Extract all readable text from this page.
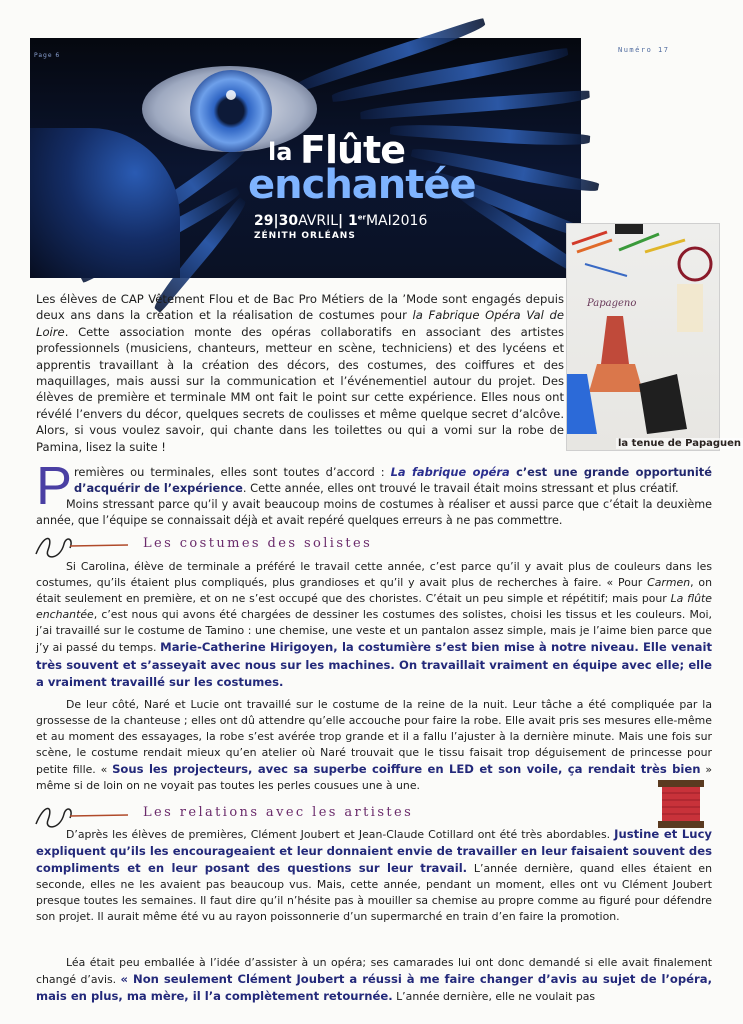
la Flûte
enchantée
29|30AVRIL| 1erMAI2016
ZÉNITH ORLÉANS
Page 6
Numéro 17
Papageno
la tenue de Papaguen
Les élèves de CAP Vêtement Flou et de Bac Pro Métiers de la ’Mode sont engagés depuis deux ans dans la création et la réalisation de costumes pour la Fabrique Opéra Val de Loire. Cette association monte des opéras collaboratifs en associant des artistes professionnels (musiciens, chanteurs, metteur en scène, techniciens) et des lycéens et apprentis travaillant à la création des décors, des costumes, des coiffures et des maquillages, mais aussi sur la communication et l’événementiel autour du projet. Des élèves de première et terminale MM ont fait le point sur cette expérience. Elles nous ont révélé l’envers du décor, quelques secrets de coulisses et même quelque secret d’alcôve. Alors, si vous voulez savoir, qui chante dans les toilettes ou qui a vomi sur la robe de Pamina, lisez la suite !
P remières ou terminales, elles sont toutes d’accord : La fabrique opéra c’est une grande opportunité d’acquérir de l’expérience. Cette année, elles ont trouvé le travail était moins stressant et plus créatif.
Moins stressant parce qu’il y avait beaucoup moins de costumes à réaliser et aussi parce que c’était la deuxième année, que l’équipe se connaissait déjà et avait repéré quelques erreurs à ne pas commettre.
Les costumes des solistes
Si Carolina, élève de terminale a préféré le travail cette année, c’est parce qu’il y avait plus de couleurs dans les costumes, qu’ils étaient plus compliqués, plus grandioses et qu’il y avait plus de recherches à faire. « Pour Carmen, on était seulement en première, et on ne s’est occupé que des choristes. C’était un peu simple et répétitif; mais pour La flûte enchantée, c’est nous qui avons été chargées de dessiner les costumes des solistes, choisi les tissus et les couleurs. Moi, j’ai travaillé sur le costume de Tamino : une chemise, une veste et un pantalon assez simple, mais je l’aime bien parce que j’y ai passé du temps. Marie-Catherine Hirigoyen, la costumière s’est bien mise à notre niveau. Elle venait très souvent et s’asseyait avec nous sur les machines. On travaillait vraiment en équipe avec elle; elle a vraiment travaillé sur les costumes.
De leur côté, Naré et Lucie ont travaillé sur le costume de la reine de la nuit. Leur tâche a été compliquée par la grossesse de la chanteuse ; elles ont dû attendre qu’elle accouche pour faire la robe. Elle avait pris ses mesures elle-même et au moment des essayages, la robe s’est avérée trop grande et il a fallu l’ajuster à la dernière minute. Mais une fois sur scène, le costume rendait mieux qu’en atelier où Naré trouvait que le tissu faisait trop déguisement de princesse pour petite fille. « Sous les projecteurs, avec sa superbe coiffure en LED et son voile, ça rendait très bien » même si de loin on ne voyait pas toutes les perles cousues une à une.
Les relations avec les artistes
D’après les élèves de premières, Clément Joubert et Jean-Claude Cotillard ont été très abordables. Justine et Lucy expliquent qu’ils les encourageaient et leur donnaient envie de travailler en leur faisaient souvent des compliments et en leur posant des questions sur leur travail. L’année dernière, quand elles étaient en seconde, elles ne les avaient pas beaucoup vus. Mais, cette année, pendant un moment, elles ont vu Clément Joubert presque toutes les semaines. Il faut dire qu’il n’hésite pas à mouiller sa chemise au propre comme au figuré pour défendre son projet. Il aurait même été vu au rayon poissonnerie d’un supermarché en train d’en faire la promotion.
Léa était peu emballée à l’idée d’assister à un opéra; ses camarades lui ont donc demandé si elle avait finalement changé d’avis. « Non seulement Clément Joubert a réussi à me faire changer d’avis au sujet de l’opéra, mais en plus, ma mère, il l’a complètement retournée. L’année dernière, elle ne voulait pas
